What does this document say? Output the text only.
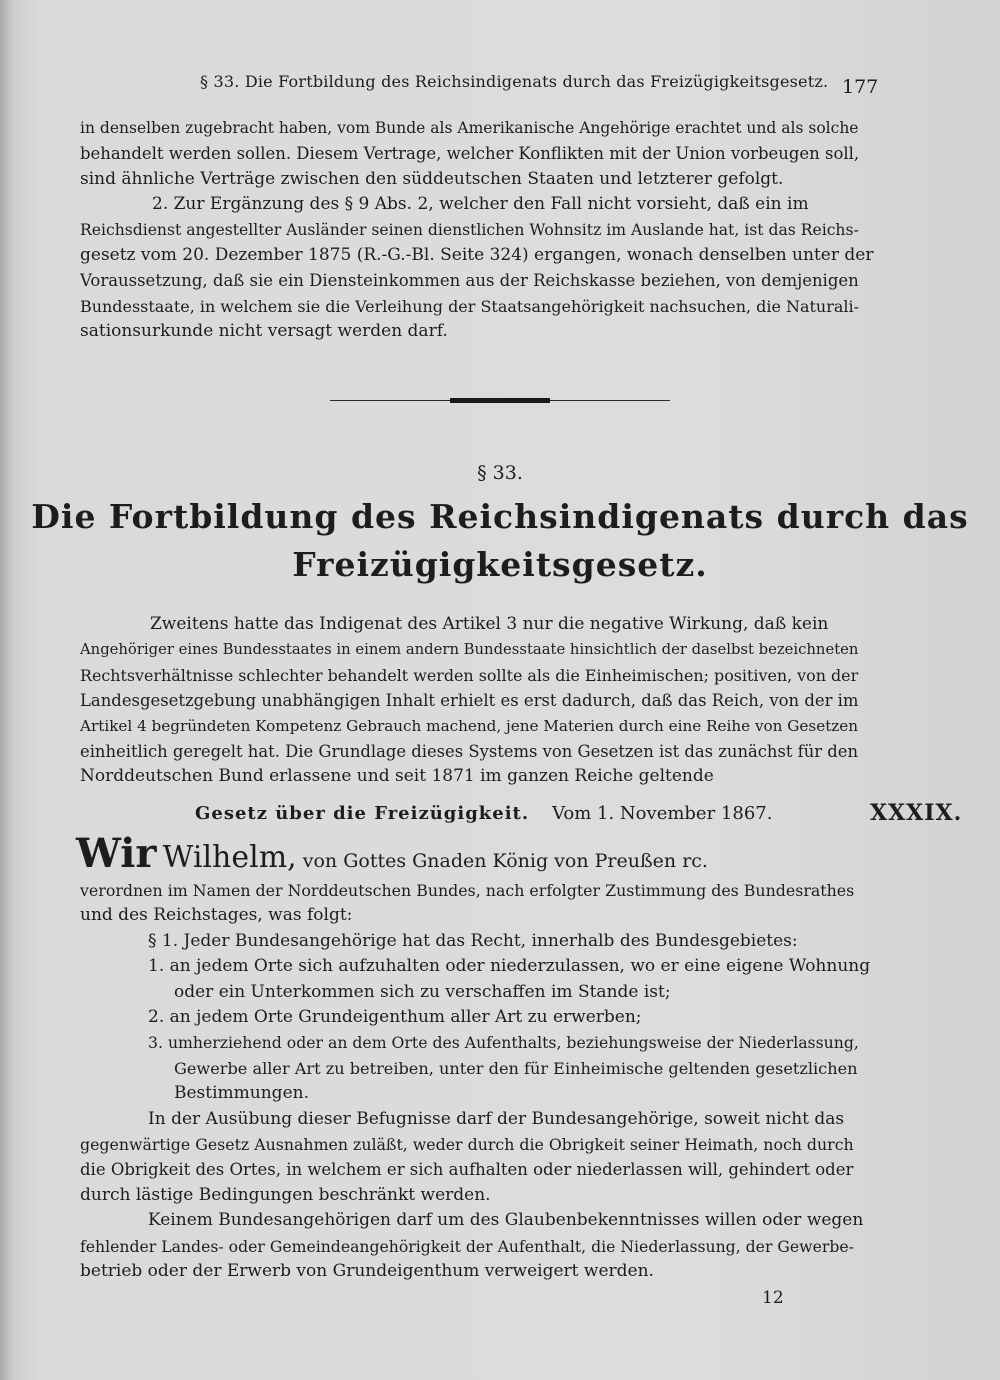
§ 33. Die Fortbildung des Reichsindigenats durch das Freizügigkeitsgesetz. 177
in denselben zugebracht haben, vom Bunde als Amerikanische Angehörige erachtet und als solche
behandelt werden sollen. Diesem Vertrage, welcher Konflikten mit der Union vorbeugen soll,
sind ähnliche Verträge zwischen den süddeutschen Staaten und letzterer gefolgt.
2. Zur Ergänzung des § 9 Abs. 2, welcher den Fall nicht vorsieht, daß ein im
Reichsdienst angestellter Ausländer seinen dienstlichen Wohnsitz im Auslande hat, ist das Reichs-
gesetz vom 20. Dezember 1875 (R.-G.-Bl. Seite 324) ergangen, wonach denselben unter der
Voraussetzung, daß sie ein Diensteinkommen aus der Reichskasse beziehen, von demjenigen
Bundesstaate, in welchem sie die Verleihung der Staatsangehörigkeit nachsuchen, die Naturali-
sationsurkunde nicht versagt werden darf.
§ 33.
Die Fortbildung des Reichsindigenats durch das
Freizügigkeitsgesetz.
Zweitens hatte das Indigenat des Artikel 3 nur die negative Wirkung, daß kein
Angehöriger eines Bundesstaates in einem andern Bundesstaate hinsichtlich der daselbst bezeichneten
Rechtsverhältnisse schlechter behandelt werden sollte als die Einheimischen; positiven, von der
Landesgesetzgebung unabhängigen Inhalt erhielt es erst dadurch, daß das Reich, von der im
Artikel 4 begründeten Kompetenz Gebrauch machend, jene Materien durch eine Reihe von Gesetzen
einheitlich geregelt hat. Die Grundlage dieses Systems von Gesetzen ist das zunächst für den
Norddeutschen Bund erlassene und seit 1871 im ganzen Reiche geltende
Gesetz über die Freizügigkeit. Vom 1. November 1867.	XXXIX.
Wir Wilhelm, von Gottes Gnaden König von Preußen rc.
verordnen im Namen der Norddeutschen Bundes, nach erfolgter Zustimmung des Bundesrathes
und des Reichstages, was folgt:
§ 1. Jeder Bundesangehörige hat das Recht, innerhalb des Bundesgebietes:
1. an jedem Orte sich aufzuhalten oder niederzulassen, wo er eine eigene Wohnung
oder ein Unterkommen sich zu verschaffen im Stande ist;
2. an jedem Orte Grundeigenthum aller Art zu erwerben;
3. umherziehend oder an dem Orte des Aufenthalts, beziehungsweise der Niederlassung,
Gewerbe aller Art zu betreiben, unter den für Einheimische geltenden gesetzlichen
Bestimmungen.
In der Ausübung dieser Befugnisse darf der Bundesangehörige, soweit nicht das
gegenwärtige Gesetz Ausnahmen zuläßt, weder durch die Obrigkeit seiner Heimath, noch durch
die Obrigkeit des Ortes, in welchem er sich aufhalten oder niederlassen will, gehindert oder
durch lästige Bedingungen beschränkt werden.
Keinem Bundesangehörigen darf um des Glaubenbekenntnisses willen oder wegen
fehlender Landes- oder Gemeindeangehörigkeit der Aufenthalt, die Niederlassung, der Gewerbe-
betrieb oder der Erwerb von Grundeigenthum verweigert werden.
12
